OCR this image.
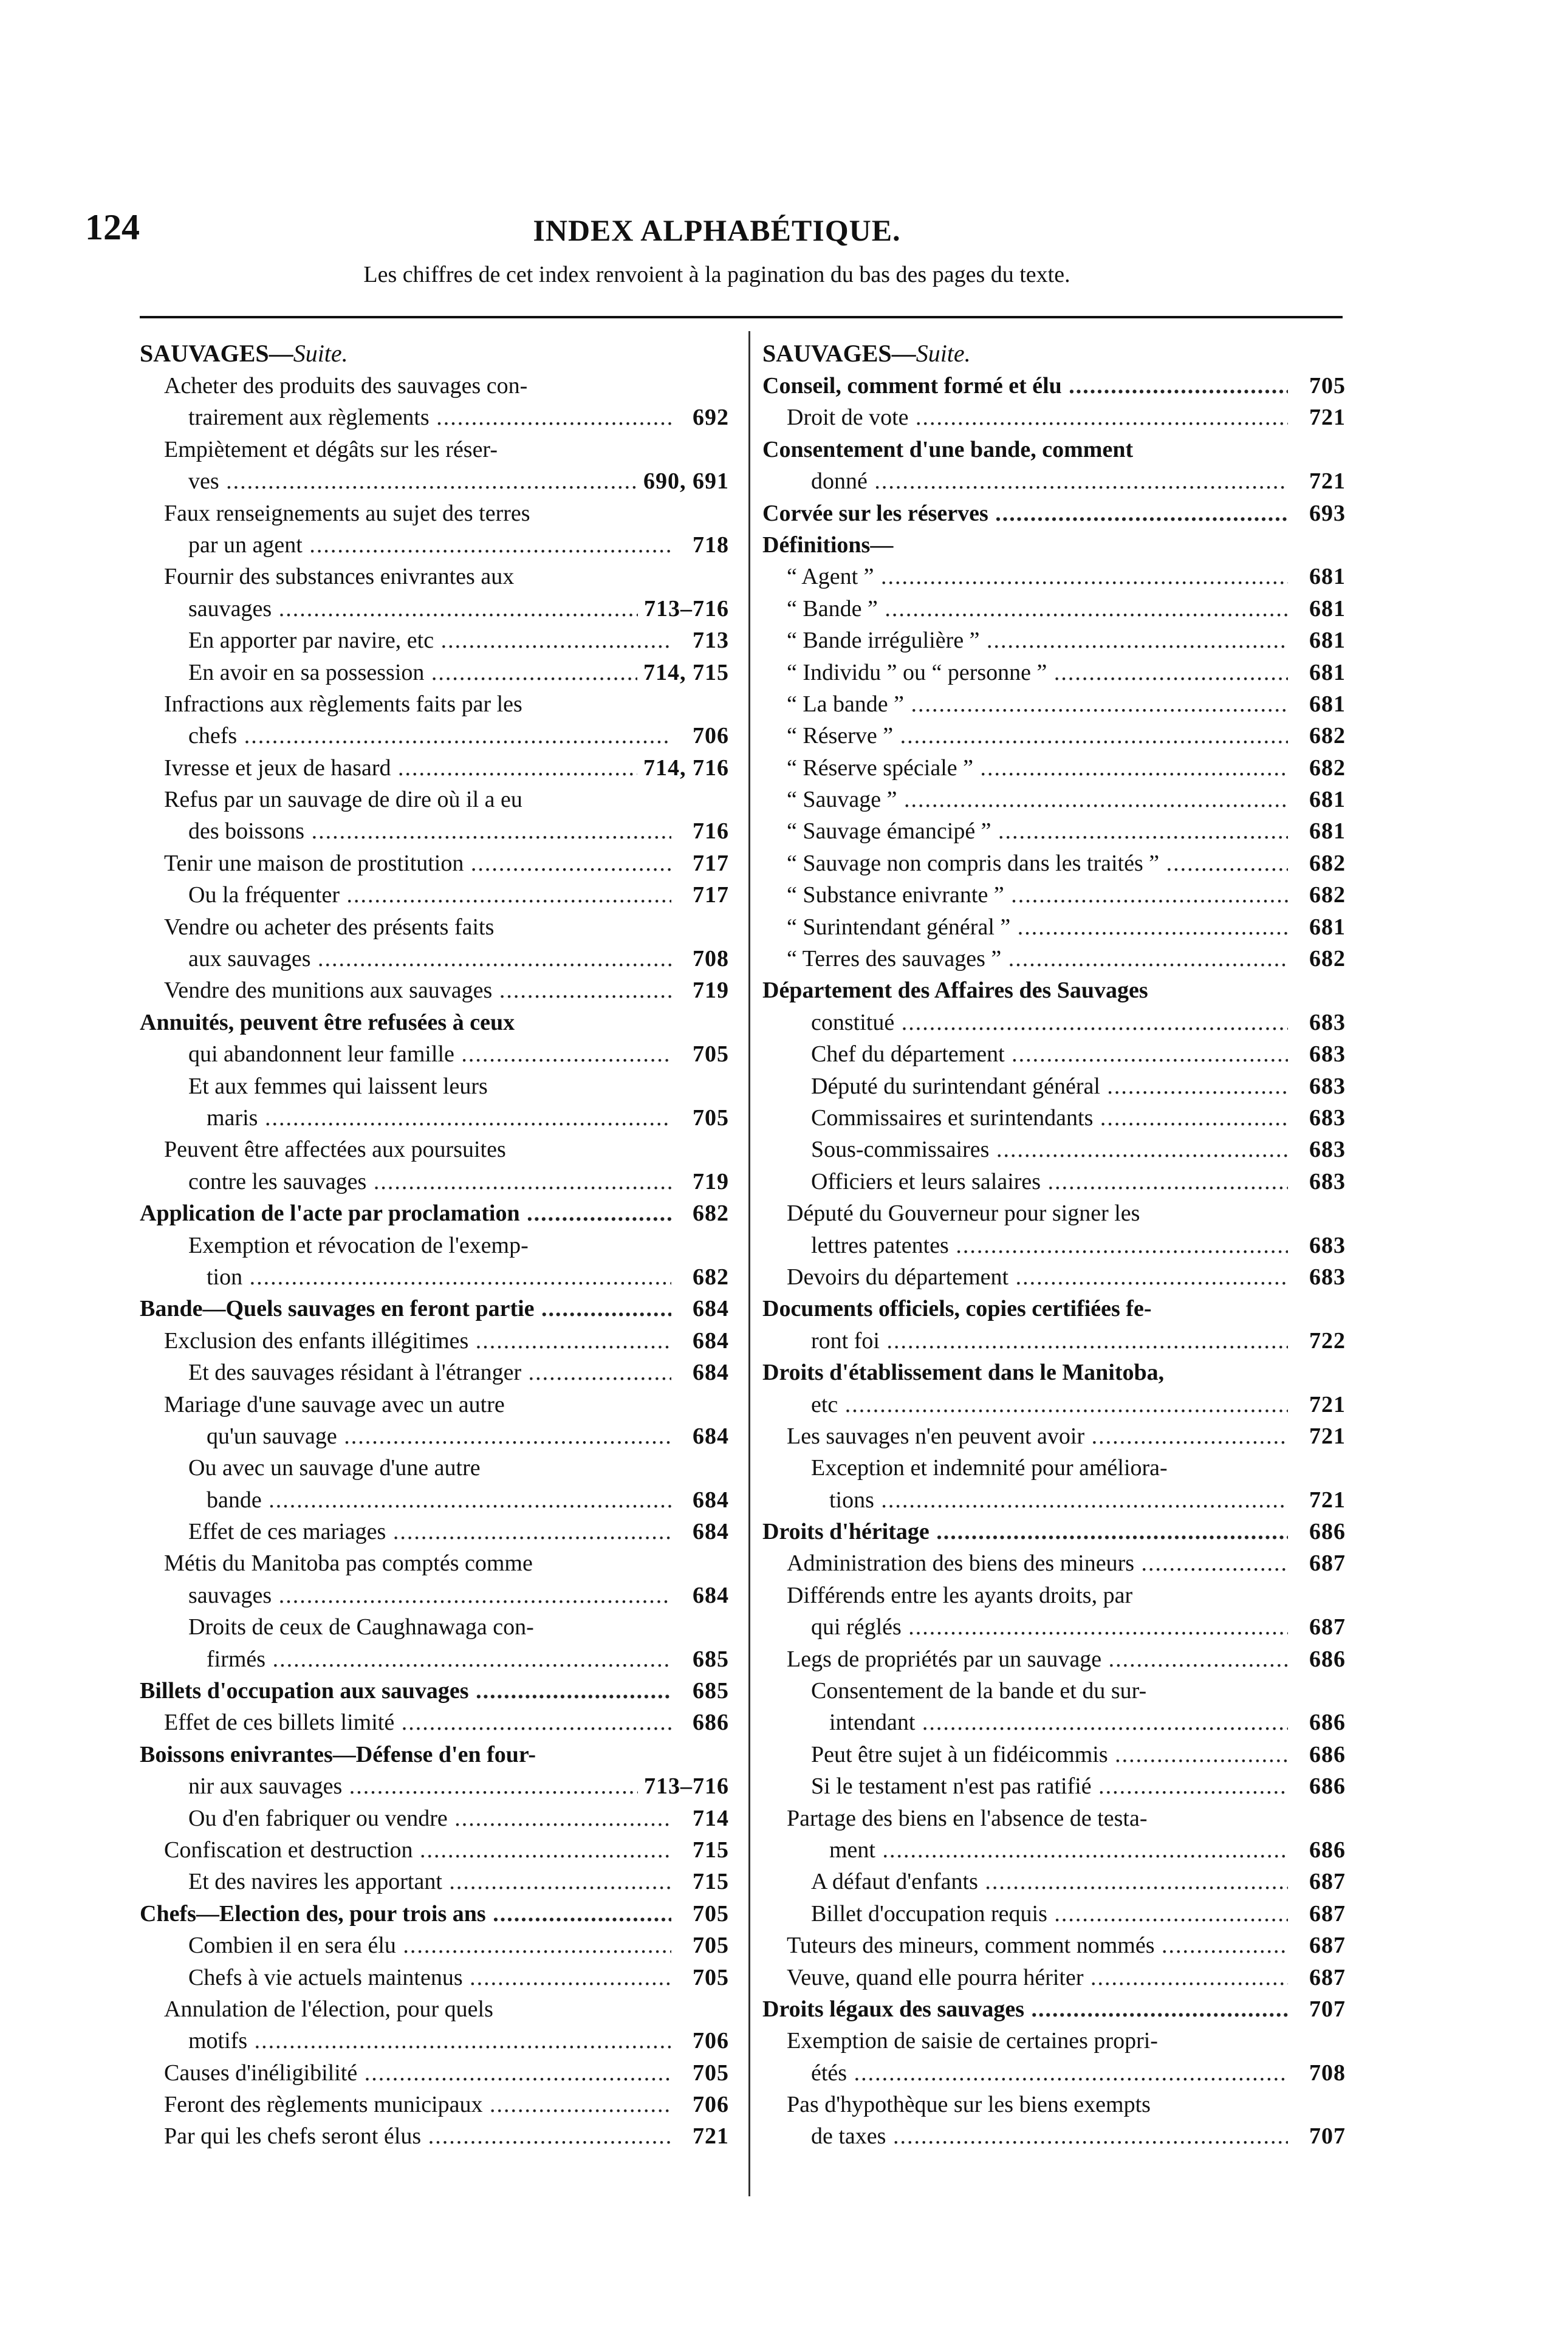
124	INDEX ALPHABÉTIQUE.
Les chiffres de cet index renvoient à la pagination du bas des pages du texte.
SAUVAGES—Suite.
Acheter des produits des sauvages con-
trairement aux règlements .....	692
Empiètement et dégâts sur les réser-
ves .....	690, 691
Faux renseignements au sujet des terres
par un agent .....	718
Fournir des substances enivrantes aux
sauvages .....	713–716
En apporter par navire, etc .....	713
En avoir en sa possession .....	714, 715
Infractions aux règlements faits par les
chefs .....	706
Ivresse et jeux de hasard .....	714, 716
Refus par un sauvage de dire où il a eu
des boissons .....	716
Tenir une maison de prostitution .....	717
Ou la fréquenter .....	717
Vendre ou acheter des présents faits
aux sauvages .....	708
Vendre des munitions aux sauvages .....	719
Annuités, peuvent être refusées à ceux
qui abandonnent leur famille .....	705
Et aux femmes qui laissent leurs
maris .....	705
Peuvent être affectées aux poursuites
contre les sauvages .....	719
Application de l'acte par proclamation .....	682
Exemption et révocation de l'exemp-
tion .....	682
Bande—Quels sauvages en feront partie .....	684
Exclusion des enfants illégitimes .....	684
Et des sauvages résidant à l'étranger .....	684
Mariage d'une sauvage avec un autre
qu'un sauvage .....	684
Ou avec un sauvage d'une autre
bande .....	684
Effet de ces mariages .....	684
Métis du Manitoba pas comptés comme
sauvages .....	684
Droits de ceux de Caughnawaga con-
firmés .....	685
Billets d'occupation aux sauvages .....	685
Effet de ces billets limité .....	686
Boissons enivrantes—Défense d'en four-
nir aux sauvages .....	713–716
Ou d'en fabriquer ou vendre .....	714
Confiscation et destruction .....	715
Et des navires les apportant .....	715
Chefs—Election des, pour trois ans .....	705
Combien il en sera élu .....	705
Chefs à vie actuels maintenus .....	705
Annulation de l'élection, pour quels
motifs .....	706
Causes d'inéligibilité .....	705
Feront des règlements municipaux .....	706
Par qui les chefs seront élus .....	721
SAUVAGES—Suite.
Conseil, comment formé et élu .....	705
Droit de vote .....	721
Consentement d'une bande, comment
donné .....	721
Corvée sur les réserves .....	693
Définitions—
“ Agent ” .....	681
“ Bande ” .....	681
“ Bande irrégulière ” .....	681
“ Individu ” ou “ personne ” .....	681
“ La bande ” .....	681
“ Réserve ” .....	682
“ Réserve spéciale ” .....	682
“ Sauvage ” .....	681
“ Sauvage émancipé ” .....	681
“ Sauvage non compris dans les traités ” .....	682
“ Substance enivrante ” .....	682
“ Surintendant général ” .....	681
“ Terres des sauvages ” .....	682
Département des Affaires des Sauvages
constitué .....	683
Chef du département .....	683
Député du surintendant général .....	683
Commissaires et surintendants .....	683
Sous-commissaires .....	683
Officiers et leurs salaires .....	683
Député du Gouverneur pour signer les
lettres patentes .....	683
Devoirs du département .....	683
Documents officiels, copies certifiées fe-
ront foi .....	722
Droits d'établissement dans le Manitoba,
etc .....	721
Les sauvages n'en peuvent avoir .....	721
Exception et indemnité pour améliora-
tions .....	721
Droits d'héritage .....	686
Administration des biens des mineurs .....	687
Différends entre les ayants droits, par
qui réglés .....	687
Legs de propriétés par un sauvage .....	686
Consentement de la bande et du sur-
intendant .....	686
Peut être sujet à un fidéicommis .....	686
Si le testament n'est pas ratifié .....	686
Partage des biens en l'absence de testa-
ment .....	686
A défaut d'enfants .....	687
Billet d'occupation requis .....	687
Tuteurs des mineurs, comment nommés .....	687
Veuve, quand elle pourra hériter .....	687
Droits légaux des sauvages .....	707
Exemption de saisie de certaines propri-
étés .....	708
Pas d'hypothèque sur les biens exempts
de taxes .....	707
